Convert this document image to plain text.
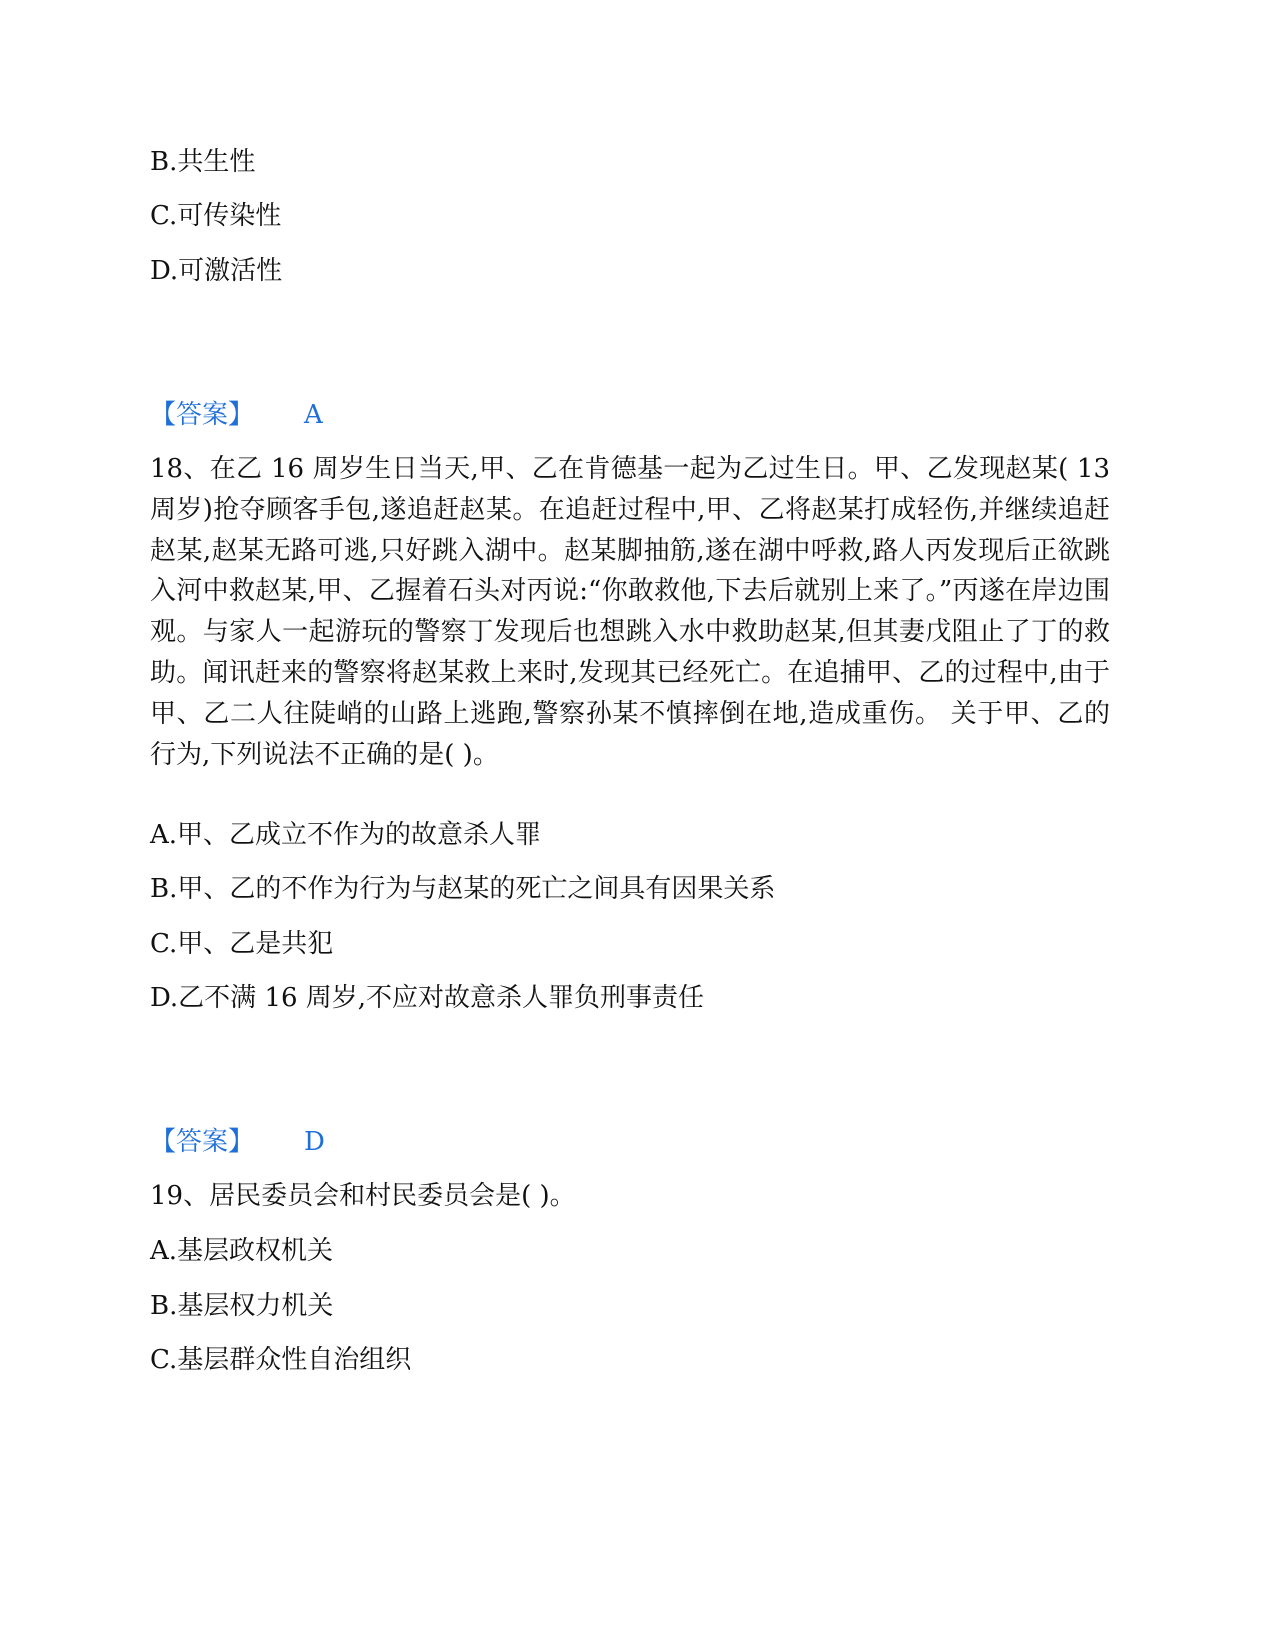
B.共生性
C.可传染性
D.可激活性
【答案】 A
18、在乙 16 周岁生日当天,甲、乙在肯德基一起为乙过生日。甲、乙发现赵某( 13 周岁)抢夺顾客手包,遂追赶赵某。在追赶过程中,甲、乙将赵某打成轻伤,并继续追赶赵某,赵某无路可逃,只好跳入湖中。赵某脚抽筋,遂在湖中呼救,路人丙发现后正欲跳入河中救赵某,甲、乙握着石头对丙说:“你敢救他,下去后就别上来了。”丙遂在岸边围观。与家人一起游玩的警察丁发现后也想跳入水中救助赵某,但其妻戊阻止了丁的救助。闻讯赶来的警察将赵某救上来时,发现其已经死亡。在追捕甲、乙的过程中,由于甲、乙二人往陡峭的山路上逃跑,警察孙某不慎摔倒在地,造成重伤。 关于甲、乙的行为,下列说法不正确的是( )。
A.甲、乙成立不作为的故意杀人罪
B.甲、乙的不作为行为与赵某的死亡之间具有因果关系
C.甲、乙是共犯
D.乙不满 16 周岁,不应对故意杀人罪负刑事责任
【答案】 D
19、居民委员会和村民委员会是( )。
A.基层政权机关
B.基层权力机关
C.基层群众性自治组织
